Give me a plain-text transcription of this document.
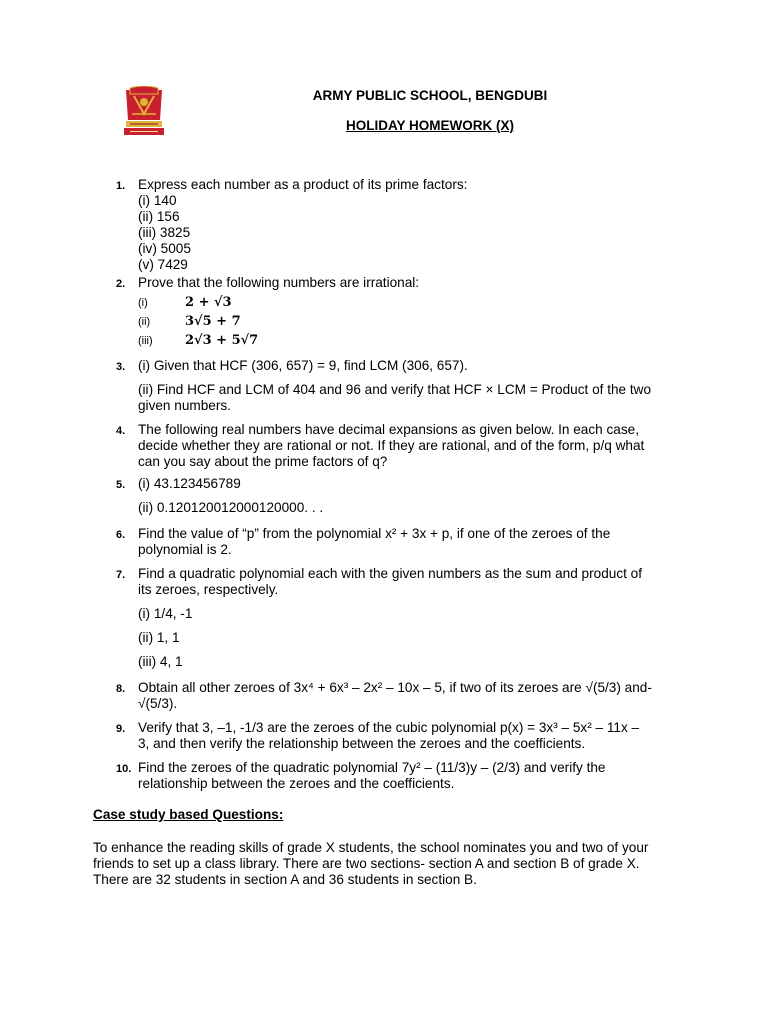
ARMY PUBLIC SCHOOL, BENGDUBI
HOLIDAY HOMEWORK (X)
1. Express each number as a product of its prime factors:
(i) 140
(ii) 156
(iii) 3825
(iv) 5005
(v) 7429
2. Prove that the following numbers are irrational:
(i)	2 + √3
(ii)	3√5 + 7
(iii) 2√3 + 5√7
3. (i) Given that HCF (306, 657) = 9, find LCM (306, 657).
(ii) Find HCF and LCM of 404 and 96 and verify that HCF × LCM = Product of the two
given numbers.
4. The following real numbers have decimal expansions as given below. In each case,
decide whether they are rational or not. If they are rational, and of the form, p/q what
can you say about the prime factors of q?
5. (i) 43.123456789
(ii) 0.120120012000120000. . .
6. Find the value of “p” from the polynomial x² + 3x + p, if one of the zeroes of the
polynomial is 2.
7. Find a quadratic polynomial each with the given numbers as the sum and product of
its zeroes, respectively.
(i) 1/4, -1
(ii) 1, 1
(iii) 4, 1
8. Obtain all other zeroes of 3x⁴ + 6x³ – 2x² – 10x – 5, if two of its zeroes are √(5/3) and-
√(5/3).
9. Verify that 3, –1, -1/3 are the zeroes of the cubic polynomial p(x) = 3x³ – 5x² – 11x –
3, and then verify the relationship between the zeroes and the coefficients.
10. Find the zeroes of the quadratic polynomial 7y² – (11/3)y – (2/3) and verify the
relationship between the zeroes and the coefficients.
Case study based Questions:
To enhance the reading skills of grade X students, the school nominates you and two of your
friends to set up a class library. There are two sections- section A and section B of grade X.
There are 32 students in section A and 36 students in section B.
